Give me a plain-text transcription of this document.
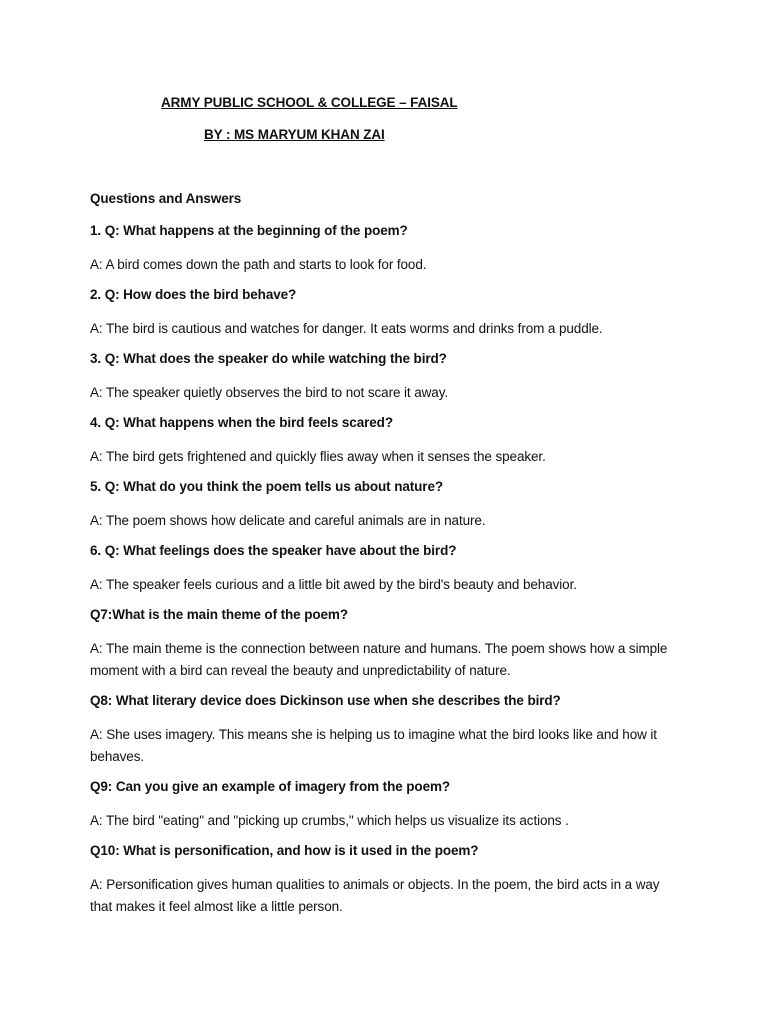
ARMY PUBLIC SCHOOL & COLLEGE – FAISAL
BY : MS MARYUM KHAN ZAI
Questions and Answers
1. Q: What happens at the beginning of the poem?
A: A bird comes down the path and starts to look for food.
2. Q: How does the bird behave?
A: The bird is cautious and watches for danger. It eats worms and drinks from a puddle.
3. Q: What does the speaker do while watching the bird?
A: The speaker quietly observes the bird to not scare it away.
4. Q: What happens when the bird feels scared?
A: The bird gets frightened and quickly flies away when it senses the speaker.
5. Q: What do you think the poem tells us about nature?
A: The poem shows how delicate and careful animals are in nature.
6. Q: What feelings does the speaker have about the bird?
A: The speaker feels curious and a little bit awed by the bird's beauty and behavior.
Q7:What is the main theme of the poem?
A: The main theme is the connection between nature and humans. The poem shows how a simple moment with a bird can reveal the beauty and unpredictability of nature.
Q8: What literary device does Dickinson use when she describes the bird?
A: She uses imagery. This means she is helping us to imagine what the bird looks like and how it behaves.
Q9: Can you give an example of imagery from the poem?
A: The bird "eating" and "picking up crumbs," which helps us visualize its actions .
Q10: What is personification, and how is it used in the poem?
A: Personification gives human qualities to animals or objects. In the poem, the bird acts in a way that makes it feel almost like a little person.
